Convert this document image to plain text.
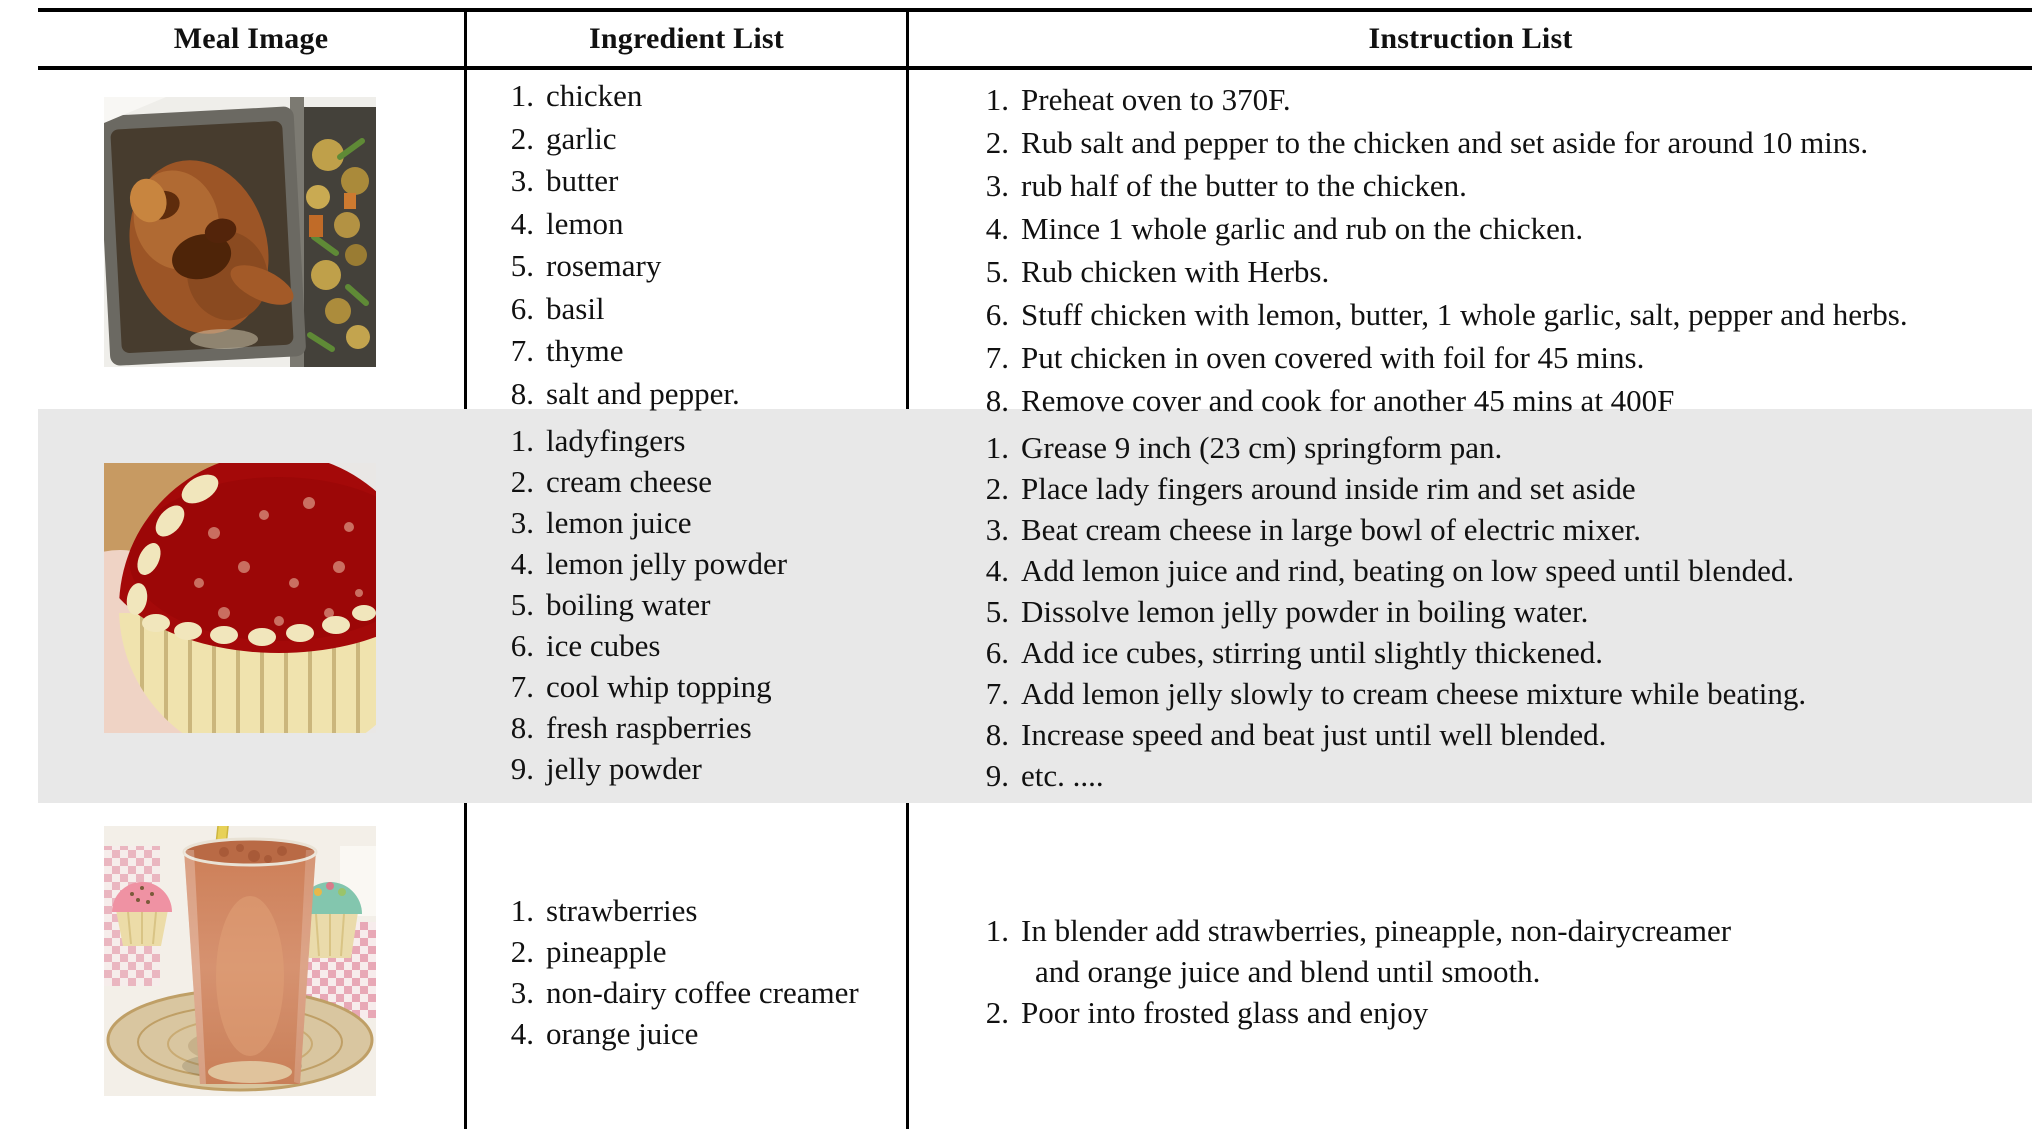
Meal Image	Ingredient List	Instruction List
1. chicken
2. garlic
3. butter
4. lemon
5. rosemary
6. basil
7. thyme
8. salt and pepper.
1. Preheat oven to 370F.
2. Rub salt and pepper to the chicken and set aside for around 10 mins.
3. rub half of the butter to the chicken.
4. Mince 1 whole garlic and rub on the chicken.
5. Rub chicken with Herbs.
6. Stuff chicken with lemon, butter, 1 whole garlic, salt, pepper and herbs.
7. Put chicken in oven covered with foil for 45 mins.
8. Remove cover and cook for another 45 mins at 400F
1. ladyfingers
2. cream cheese
3. lemon juice
4. lemon jelly powder
5. boiling water
6. ice cubes
7. cool whip topping
8. fresh raspberries
9. jelly powder
1. Grease 9 inch (23 cm) springform pan.
2. Place lady fingers around inside rim and set aside
3. Beat cream cheese in large bowl of electric mixer.
4. Add lemon juice and rind, beating on low speed until blended.
5. Dissolve lemon jelly powder in boiling water.
6. Add ice cubes, stirring until slightly thickened.
7. Add lemon jelly slowly to cream cheese mixture while beating.
8. Increase speed and beat just until well blended.
9. etc. ....
1. strawberries
2. pineapple
3. non-dairy coffee creamer
4. orange juice
1. In blender add strawberries, pineapple, non-dairycreamer
and orange juice and blend until smooth.
2. Poor into frosted glass and enjoy
